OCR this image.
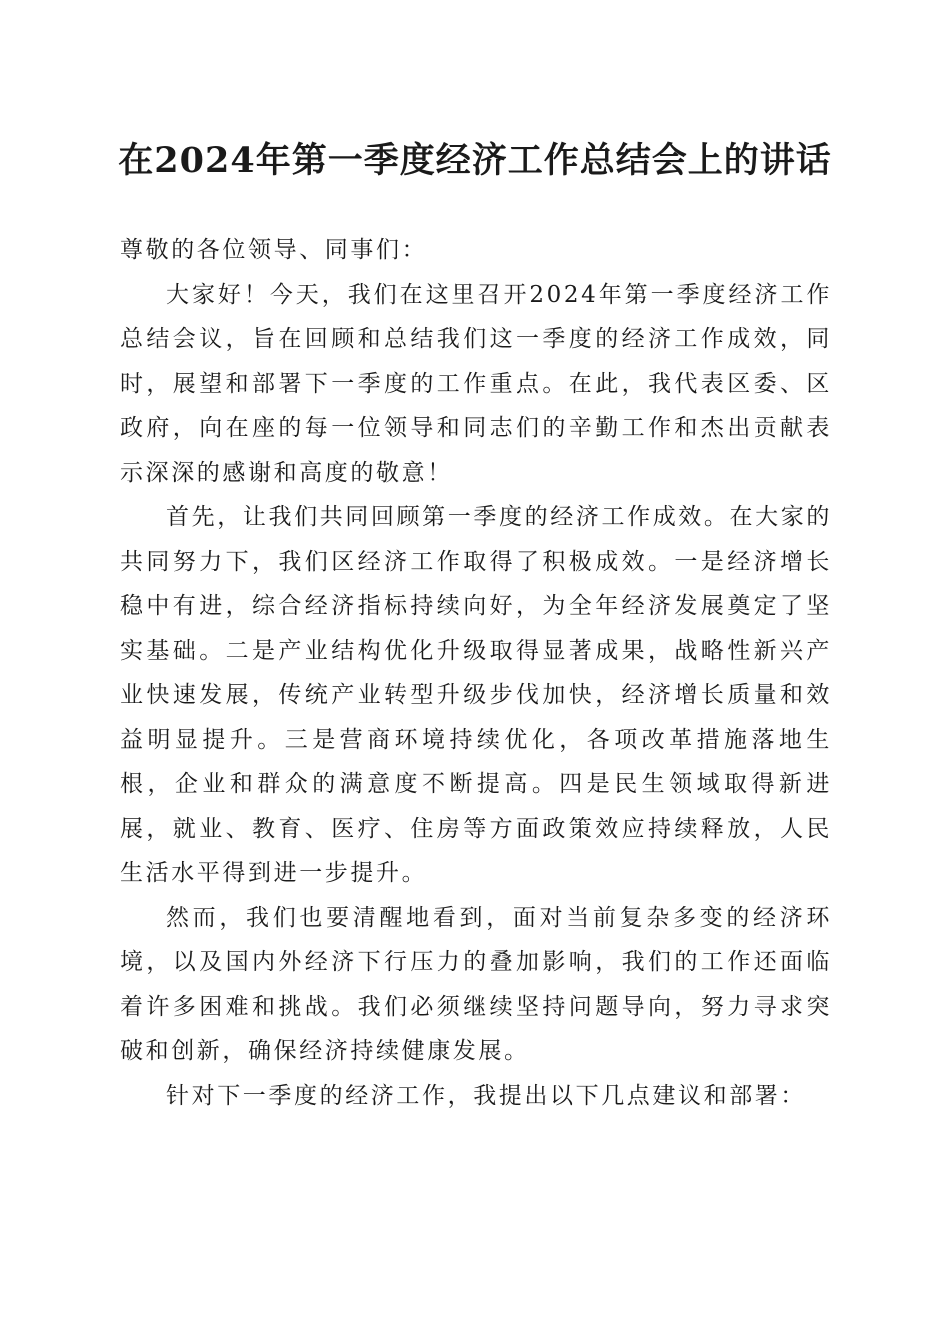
在2024年第一季度经济工作总结会上的讲话

尊敬的各位领导、同事们：

大家好！今天，我们在这里召开2024年第一季度经济工作总结会议，旨在回顾和总结我们这一季度的经济工作成效，同时，展望和部署下一季度的工作重点。在此，我代表区委、区政府，向在座的每一位领导和同志们的辛勤工作和杰出贡献表示深深的感谢和高度的敬意！

首先，让我们共同回顾第一季度的经济工作成效。在大家的共同努力下，我们区经济工作取得了积极成效。一是经济增长稳中有进，综合经济指标持续向好，为全年经济发展奠定了坚实基础。二是产业结构优化升级取得显著成果，战略性新兴产业快速发展，传统产业转型升级步伐加快，经济增长质量和效益明显提升。三是营商环境持续优化，各项改革措施落地生根，企业和群众的满意度不断提高。四是民生领域取得新进展，就业、教育、医疗、住房等方面政策效应持续释放，人民生活水平得到进一步提升。

然而，我们也要清醒地看到，面对当前复杂多变的经济环境，以及国内外经济下行压力的叠加影响，我们的工作还面临着许多困难和挑战。我们必须继续坚持问题导向，努力寻求突破和创新，确保经济持续健康发展。

针对下一季度的经济工作，我提出以下几点建议和部署：
